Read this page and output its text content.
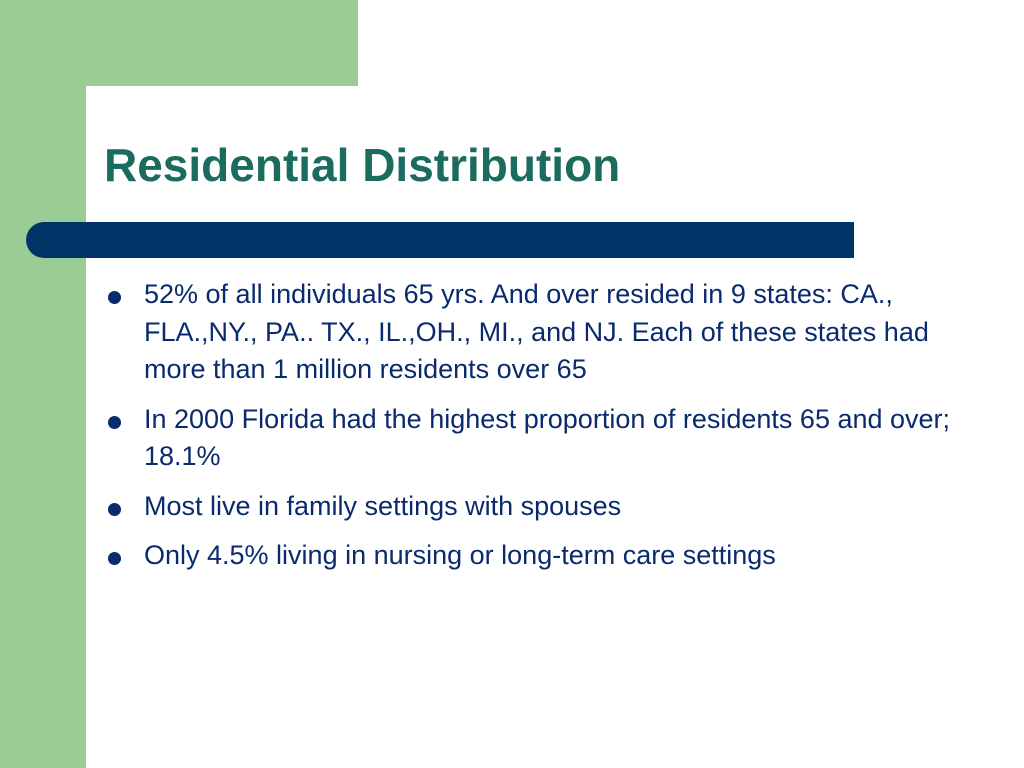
Residential Distribution
52% of all individuals 65 yrs. And over resided in 9 states: CA., FLA.,NY., PA.. TX., IL.,OH., MI., and NJ. Each of these states had more than 1 million residents over 65
In 2000 Florida had the highest proportion of residents 65 and over; 18.1%
Most live in family settings with spouses
Only 4.5% living in nursing or long-term care settings
